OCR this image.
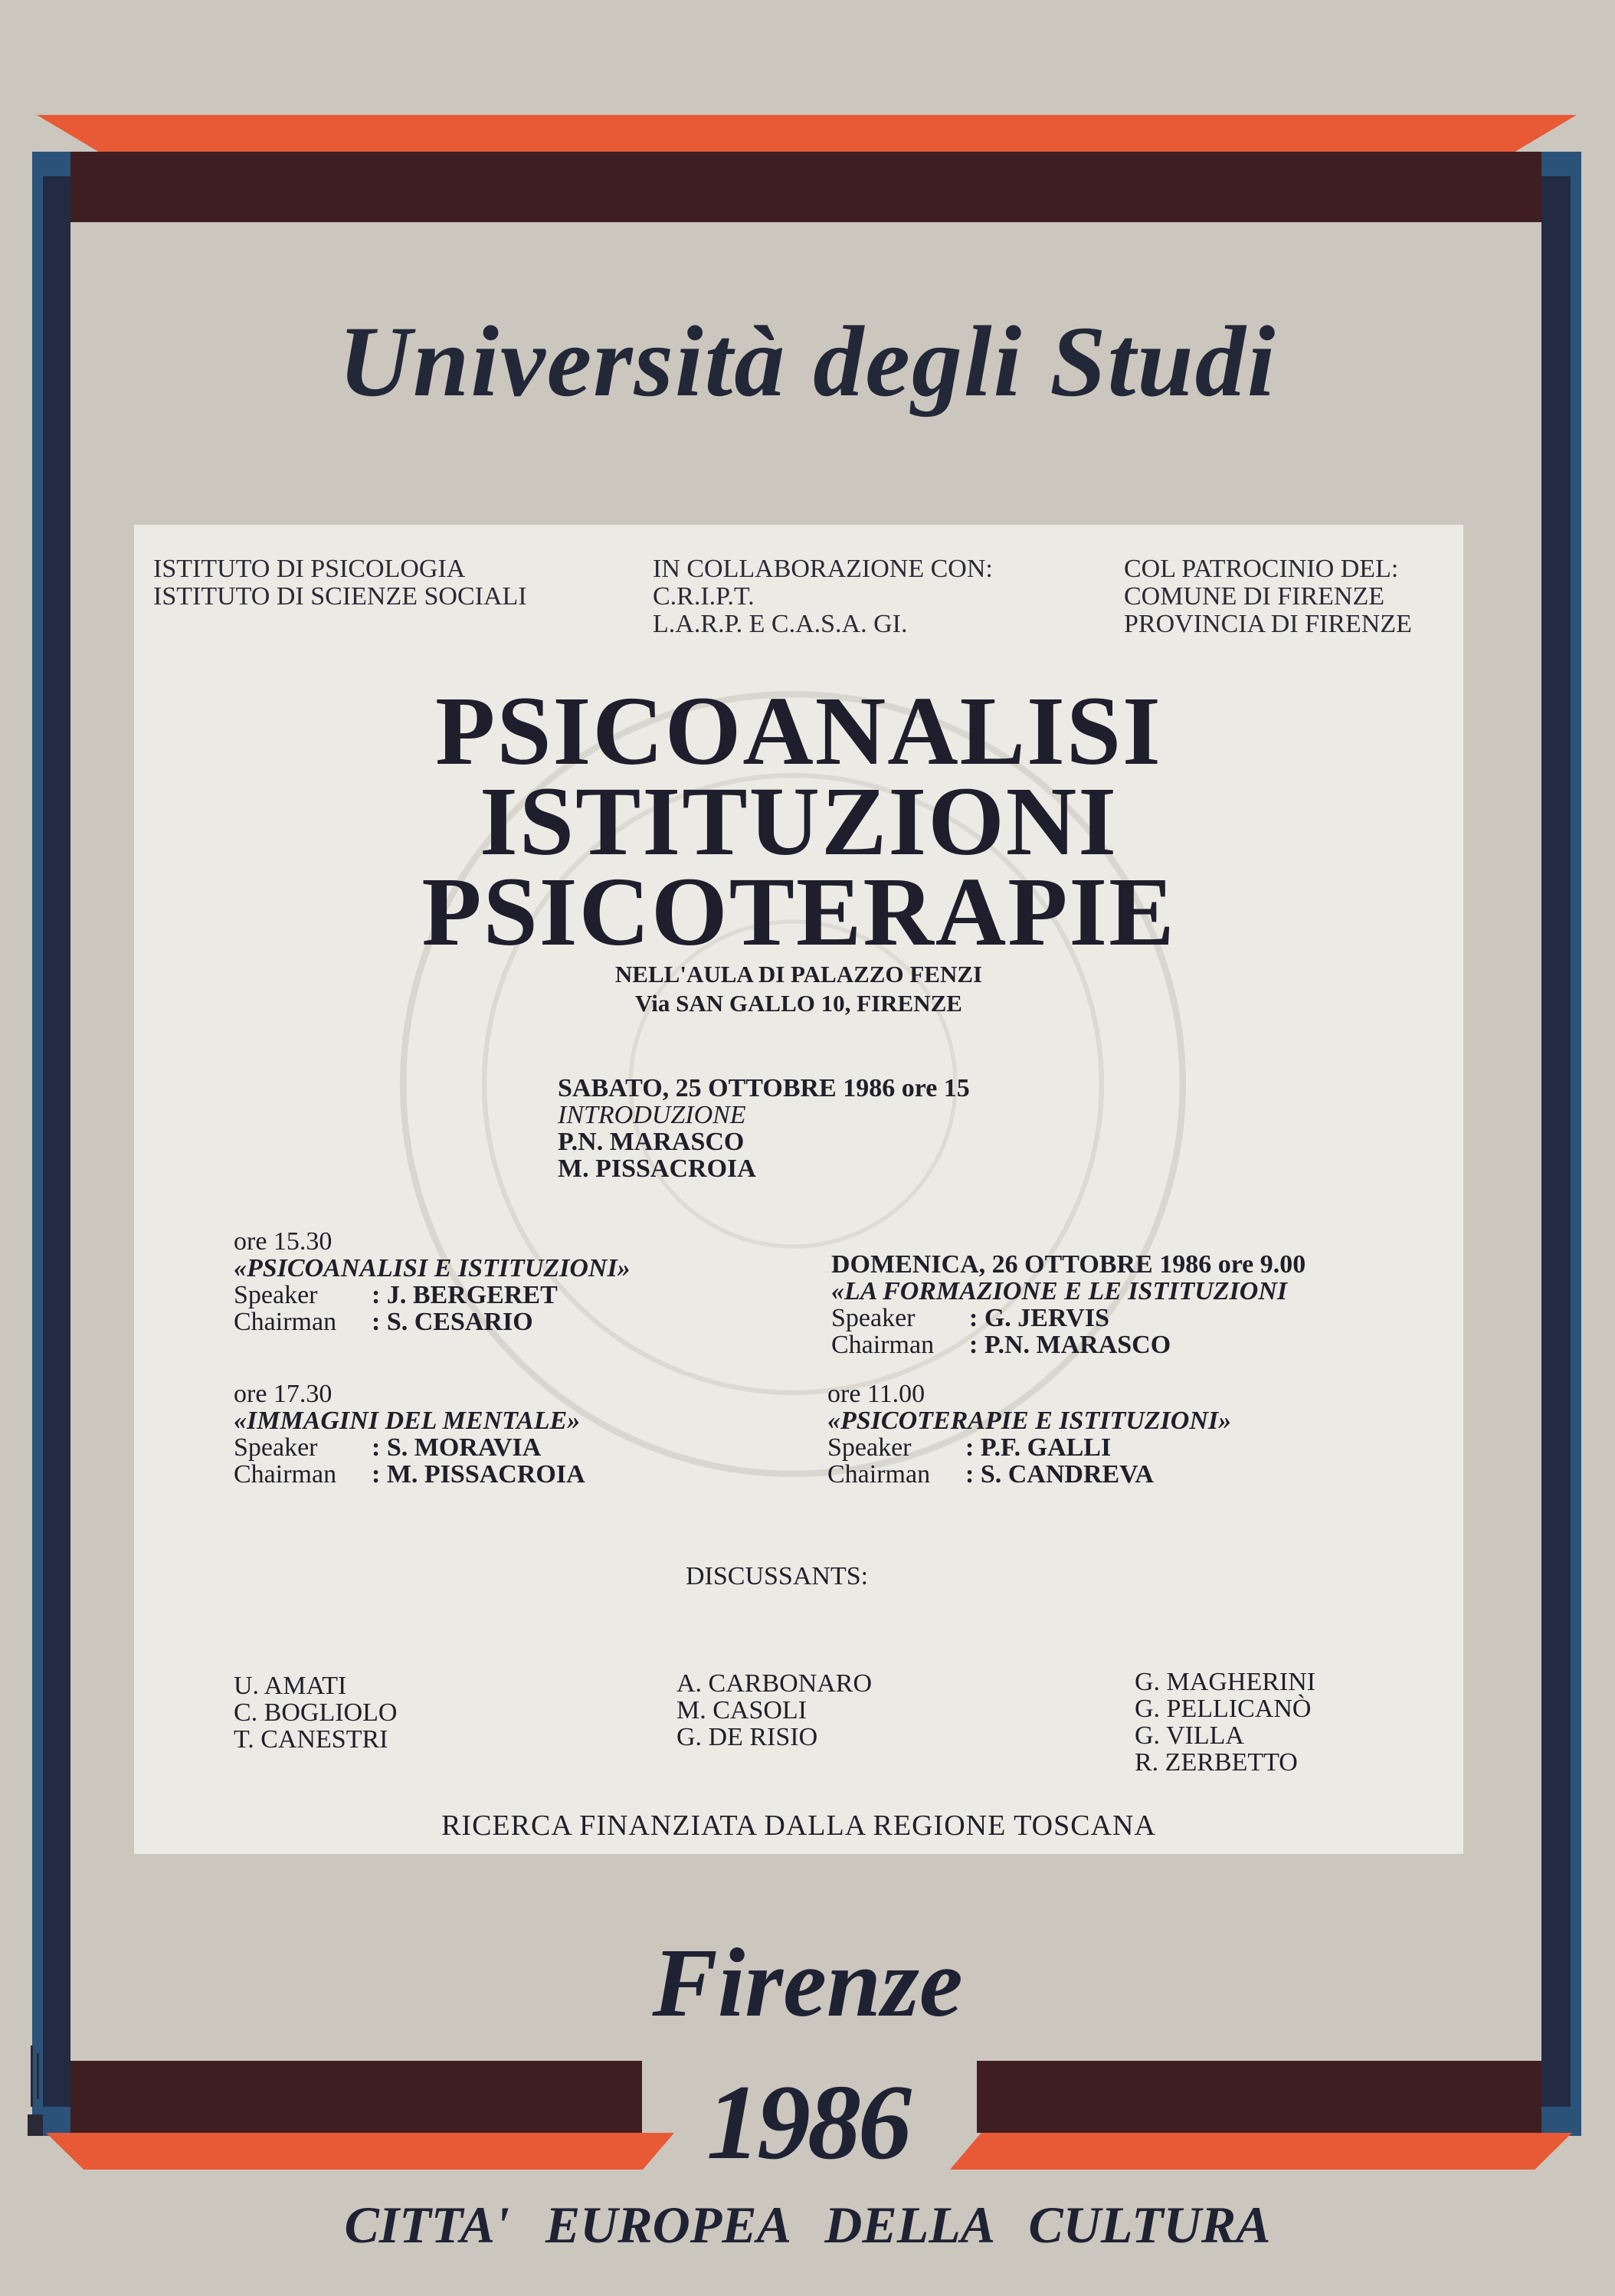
Università degli Studi
ISTITUTO DI PSICOLOGIA
ISTITUTO DI SCIENZE SOCIALI
IN COLLABORAZIONE CON:
C.R.I.P.T.
L.A.R.P. E C.A.S.A. GI.
COL PATROCINIO DEL:
COMUNE DI FIRENZE
PROVINCIA DI FIRENZE
PSICOANALISI
ISTITUZIONI
PSICOTERAPIE
NELL'AULA DI PALAZZO FENZI
Via SAN GALLO 10, FIRENZE
SABATO, 25 OTTOBRE 1986 ore 15
INTRODUZIONE
P.N. MARASCO
M. PISSACROIA
ore 15.30
«PSICOANALISI E ISTITUZIONI»
Speaker	: J. BERGERET
Chairman	: S. CESARIO
ore 17.30
«IMMAGINI DEL MENTALE»
Speaker	: S. MORAVIA
Chairman	: M. PISSACROIA
DOMENICA, 26 OTTOBRE 1986 ore 9.00
«LA FORMAZIONE E LE ISTITUZIONI
Speaker	: G. JERVIS
Chairman	: P.N. MARASCO
ore 11.00
«PSICOTERAPIE E ISTITUZIONI»
Speaker	: P.F. GALLI
Chairman	: S. CANDREVA
DISCUSSANTS:
U. AMATI
C. BOGLIOLO
T. CANESTRI
A. CARBONARO
M. CASOLI
G. DE RISIO
G. MAGHERINI
G. PELLICANÒ
G. VILLA
R. ZERBETTO
RICERCA FINANZIATA DALLA REGIONE TOSCANA
Firenze
1986
CITTA' EUROPEA DELLA CULTURA
